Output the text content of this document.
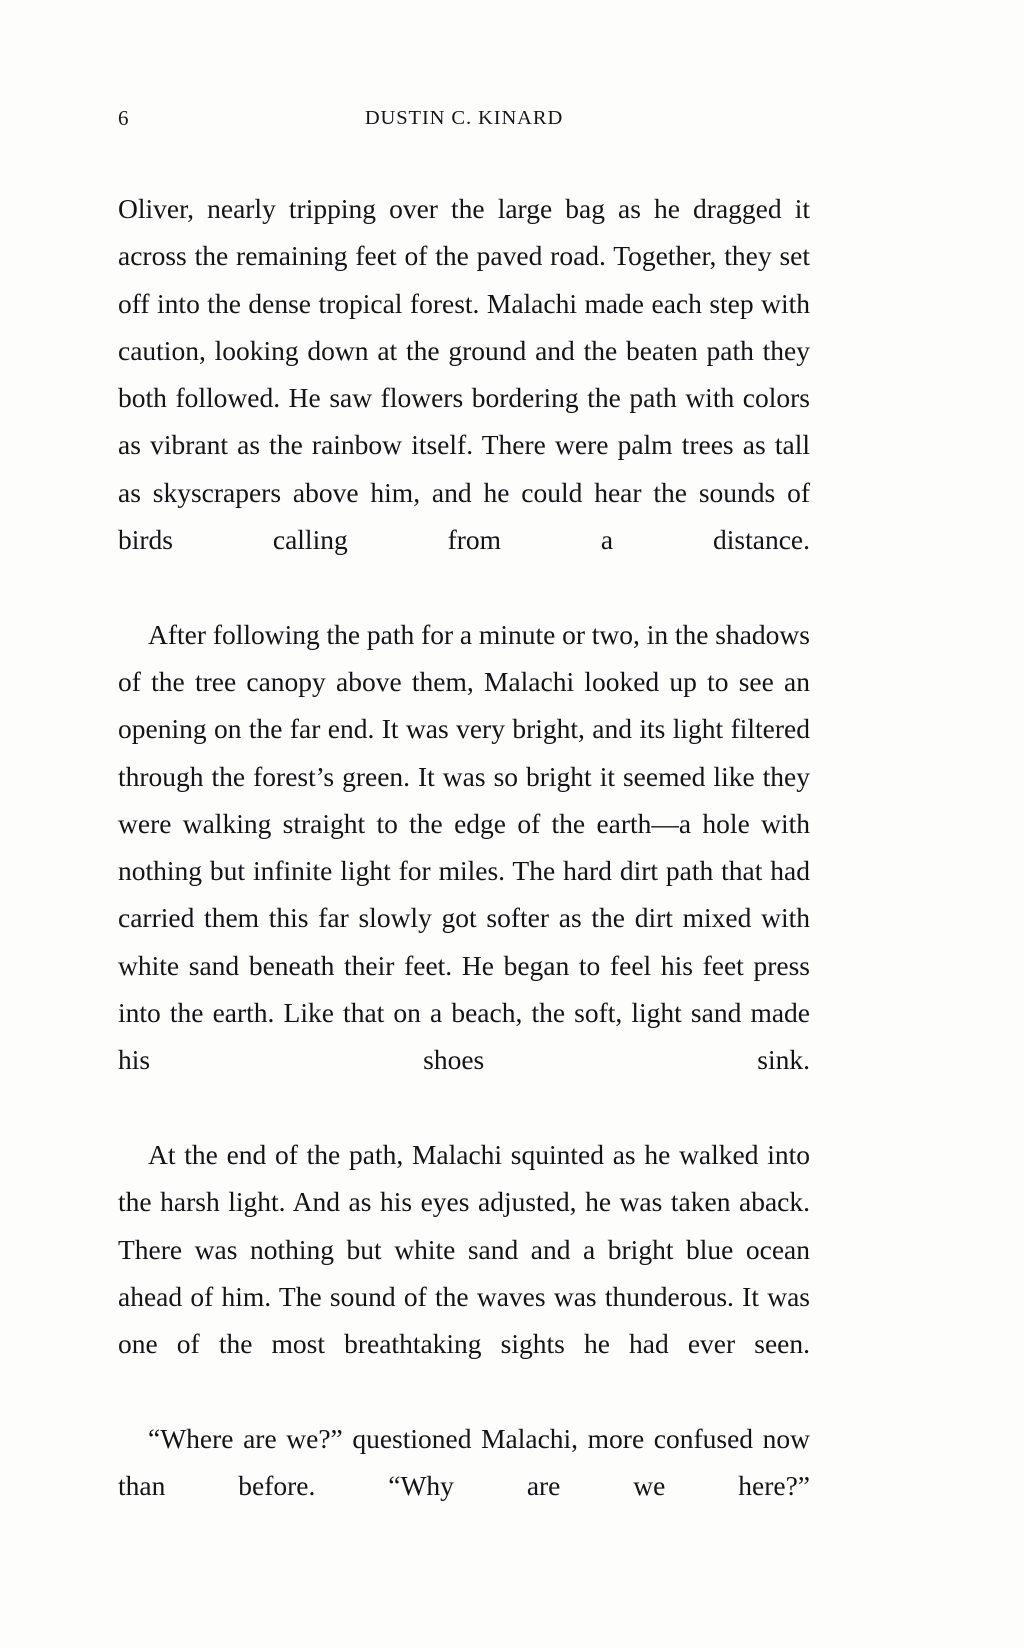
6	DUSTIN C. KINARD

Oliver, nearly tripping over the large bag as he dragged it across the remaining feet of the paved road. Together, they set off into the dense tropical forest. Malachi made each step with caution, looking down at the ground and the beaten path they both followed. He saw flowers bordering the path with colors as vibrant as the rainbow itself. There were palm trees as tall as skyscrapers above him, and he could hear the sounds of birds calling from a distance.

After following the path for a minute or two, in the shadows of the tree canopy above them, Malachi looked up to see an opening on the far end. It was very bright, and its light filtered through the forest’s green. It was so bright it seemed like they were walking straight to the edge of the earth—a hole with nothing but infinite light for miles. The hard dirt path that had carried them this far slowly got softer as the dirt mixed with white sand beneath their feet. He began to feel his feet press into the earth. Like that on a beach, the soft, light sand made his shoes sink.

At the end of the path, Malachi squinted as he walked into the harsh light. And as his eyes adjusted, he was taken aback. There was nothing but white sand and a bright blue ocean ahead of him. The sound of the waves was thunderous. It was one of the most breathtaking sights he had ever seen.

“Where are we?” questioned Malachi, more confused now than before. “Why are we here?”
